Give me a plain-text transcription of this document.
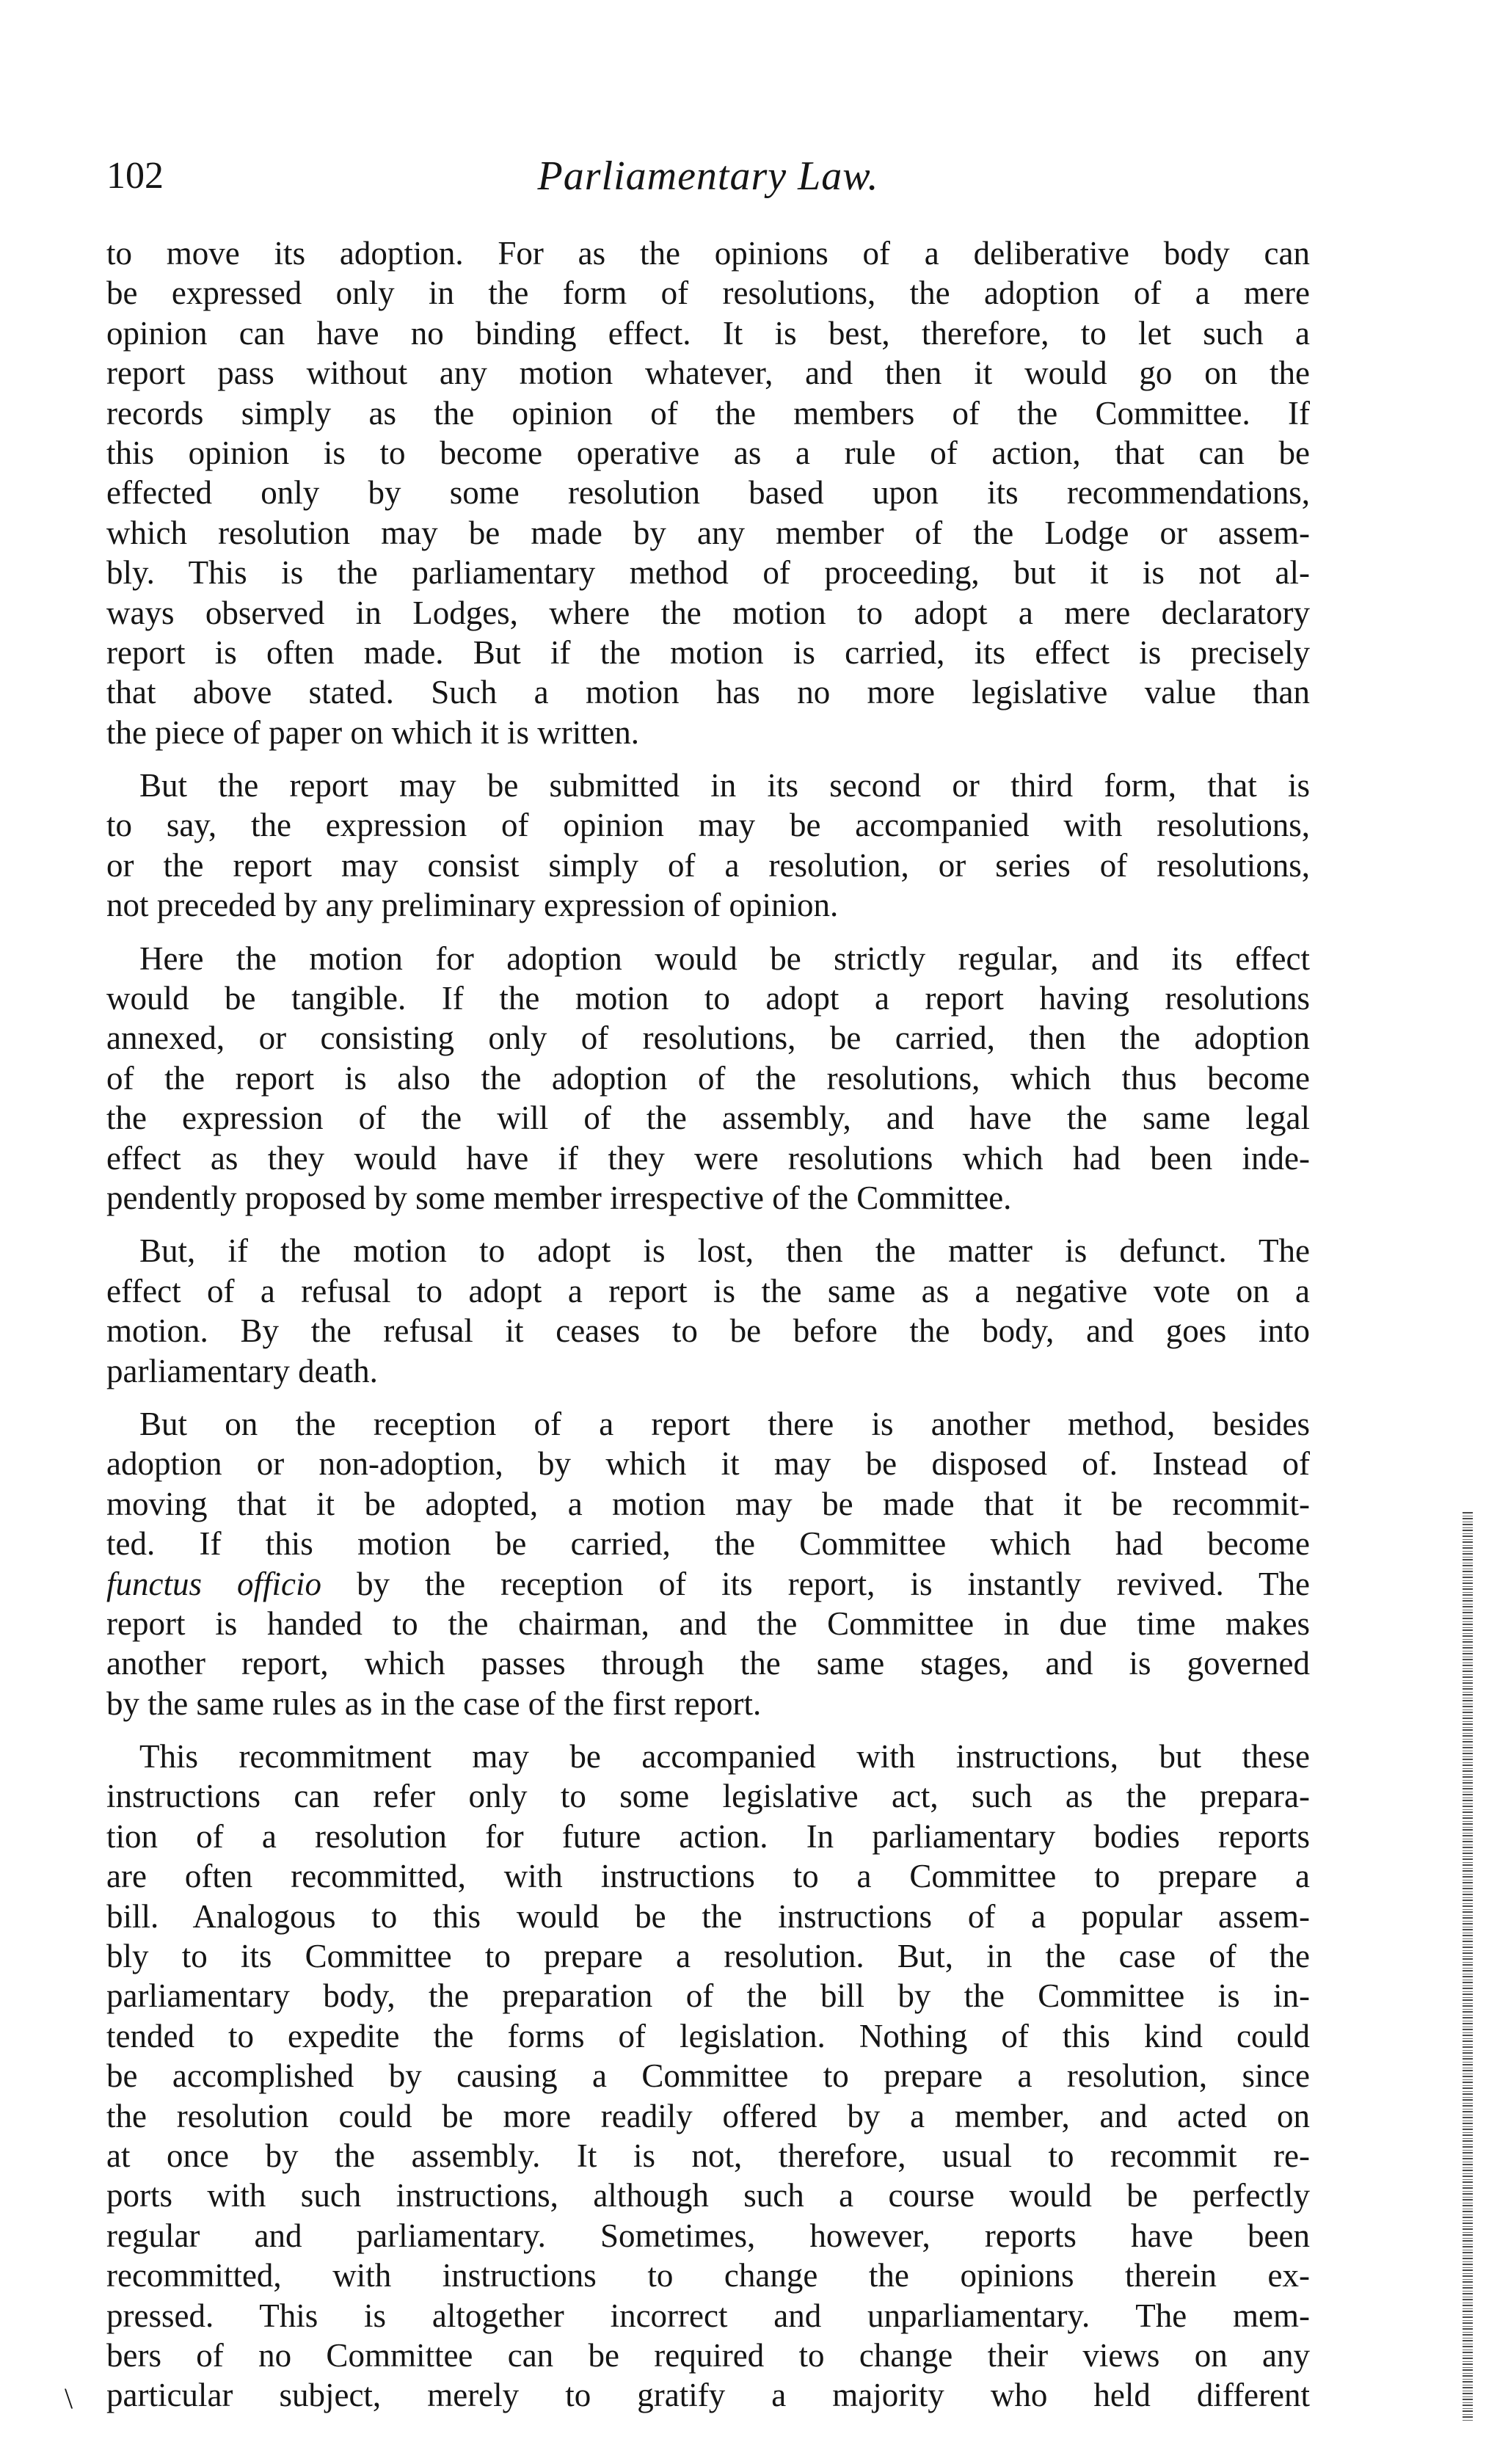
102	Parliamentary Law.
to move its adoption. For as the opinions of a deliberative body can
be expressed only in the form of resolutions, the adoption of a mere
opinion can have no binding effect. It is best, therefore, to let such a
report pass without any motion whatever, and then it would go on the
records simply as the opinion of the members of the Committee. If
this opinion is to become operative as a rule of action, that can be
effected only by some resolution based upon its recommendations,
which resolution may be made by any member of the Lodge or assem-
bly. This is the parliamentary method of proceeding, but it is not al-
ways observed in Lodges, where the motion to adopt a mere declaratory
report is often made. But if the motion is carried, its effect is precisely
that above stated. Such a motion has no more legislative value than
the piece of paper on which it is written.
But the report may be submitted in its second or third form, that is
to say, the expression of opinion may be accompanied with resolutions,
or the report may consist simply of a resolution, or series of resolutions,
not preceded by any preliminary expression of opinion.
Here the motion for adoption would be strictly regular, and its effect
would be tangible. If the motion to adopt a report having resolutions
annexed, or consisting only of resolutions, be carried, then the adoption
of the report is also the adoption of the resolutions, which thus become
the expression of the will of the assembly, and have the same legal
effect as they would have if they were resolutions which had been inde-
pendently proposed by some member irrespective of the Committee.
But, if the motion to adopt is lost, then the matter is defunct. The
effect of a refusal to adopt a report is the same as a negative vote on a
motion. By the refusal it ceases to be before the body, and goes into
parliamentary death.
But on the reception of a report there is another method, besides
adoption or non-adoption, by which it may be disposed of. Instead of
moving that it be adopted, a motion may be made that it be recommit-
ted. If this motion be carried, the Committee which had become
functus officio by the reception of its report, is instantly revived. The
report is handed to the chairman, and the Committee in due time makes
another report, which passes through the same stages, and is governed
by the same rules as in the case of the first report.
This recommitment may be accompanied with instructions, but these
instructions can refer only to some legislative act, such as the prepara-
tion of a resolution for future action. In parliamentary bodies reports
are often recommitted, with instructions to a Committee to prepare a
bill. Analogous to this would be the instructions of a popular assem-
bly to its Committee to prepare a resolution. But, in the case of the
parliamentary body, the preparation of the bill by the Committee is in-
tended to expedite the forms of legislation. Nothing of this kind could
be accomplished by causing a Committee to prepare a resolution, since
the resolution could be more readily offered by a member, and acted on
at once by the assembly. It is not, therefore, usual to recommit re-
ports with such instructions, although such a course would be perfectly
regular and parliamentary. Sometimes, however, reports have been
recommitted, with instructions to change the opinions therein ex-
pressed. This is altogether incorrect and unparliamentary. The mem-
bers of no Committee can be required to change their views on any
particular subject, merely to gratify a majority who held different
\
